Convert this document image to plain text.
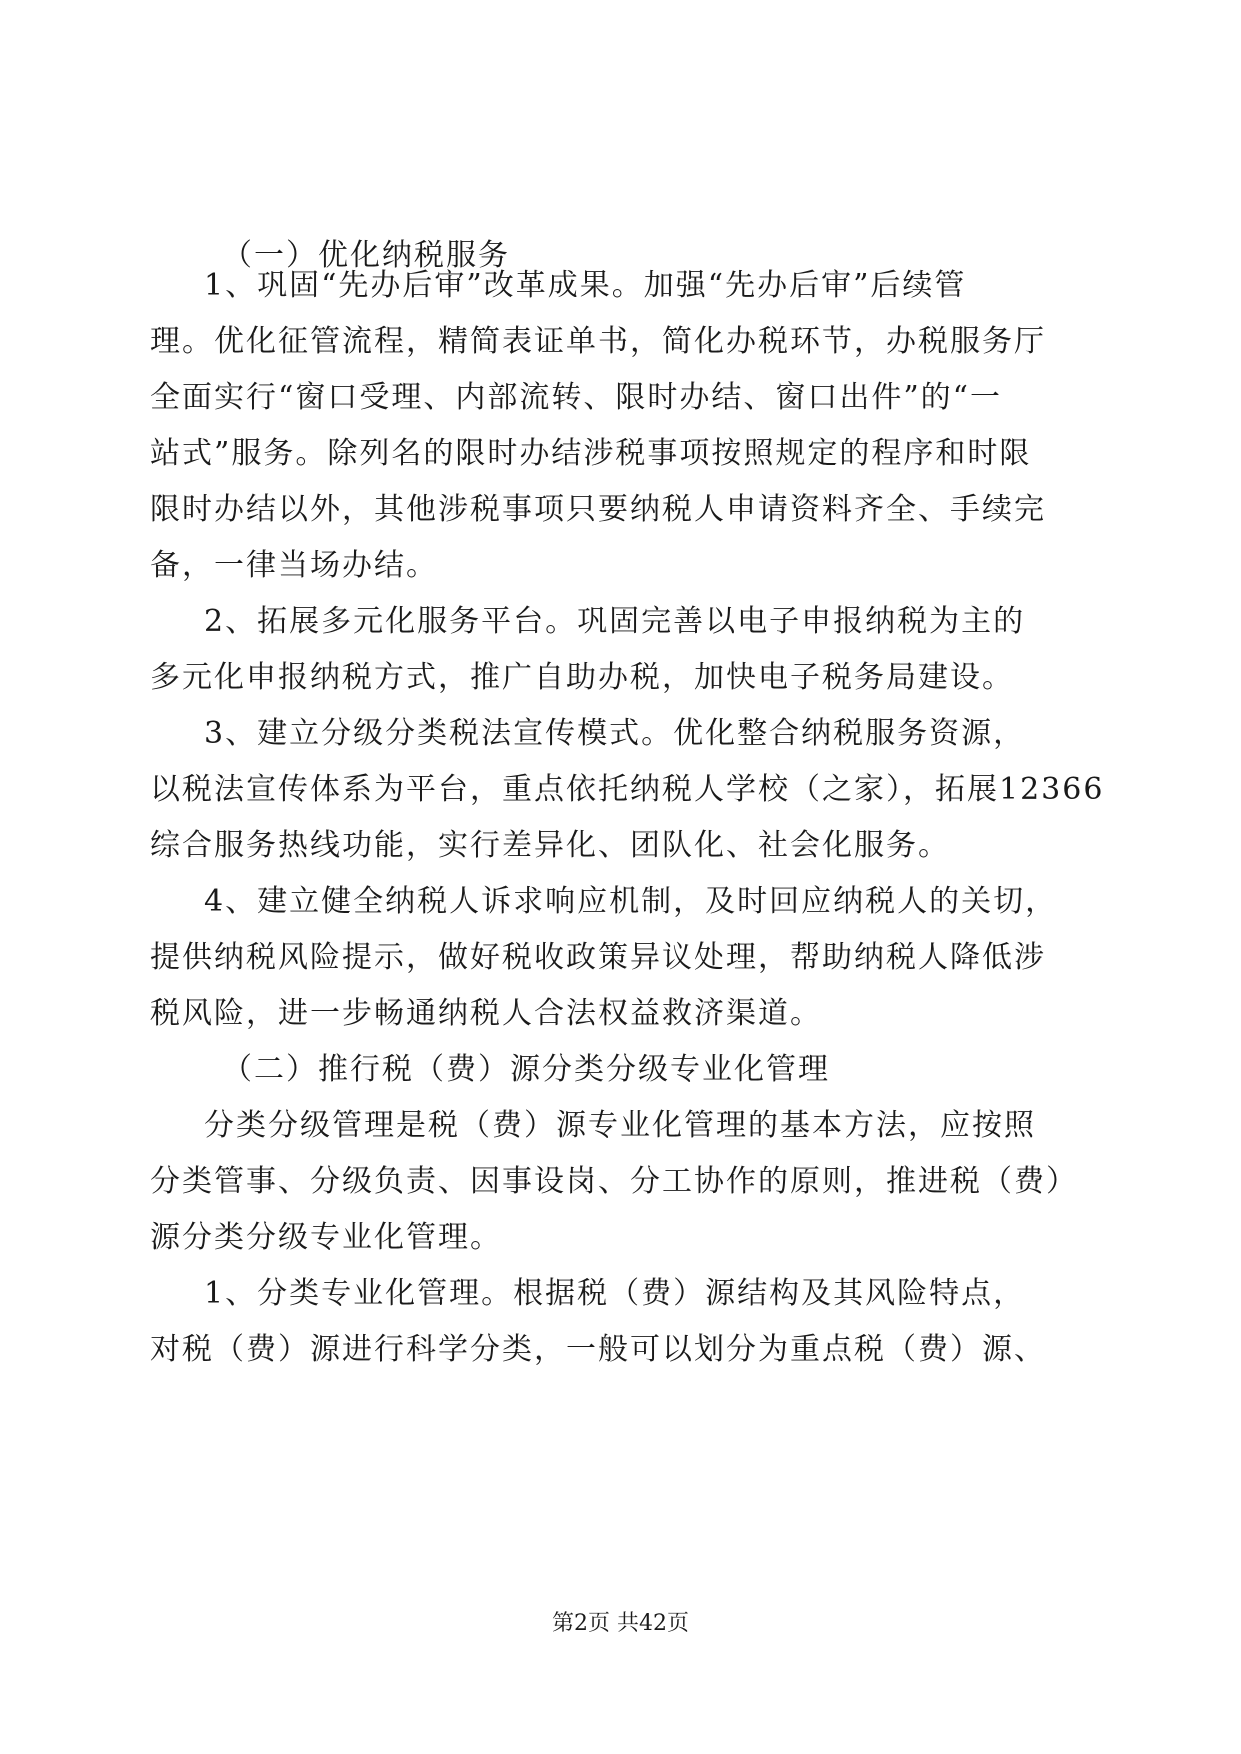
（一）优化纳税服务
1、巩固“先办后审”改革成果。加强“先办后审”后续管
理。优化征管流程，精简表证单书，简化办税环节，办税服务厅
全面实行“窗口受理、内部流转、限时办结、窗口出件”的“一
站式”服务。除列名的限时办结涉税事项按照规定的程序和时限
限时办结以外，其他涉税事项只要纳税人申请资料齐全、手续完
备，一律当场办结。
2、拓展多元化服务平台。巩固完善以电子申报纳税为主的
多元化申报纳税方式，推广自助办税，加快电子税务局建设。
3、建立分级分类税法宣传模式。优化整合纳税服务资源，
以税法宣传体系为平台，重点依托纳税人学校（之家），拓展12366
综合服务热线功能，实行差异化、团队化、社会化服务。
4、建立健全纳税人诉求响应机制，及时回应纳税人的关切，
提供纳税风险提示，做好税收政策异议处理，帮助纳税人降低涉
税风险，进一步畅通纳税人合法权益救济渠道。
（二）推行税（费）源分类分级专业化管理
分类分级管理是税（费）源专业化管理的基本方法，应按照
分类管事、分级负责、因事设岗、分工协作的原则，推进税（费）
源分类分级专业化管理。
1、分类专业化管理。根据税（费）源结构及其风险特点，
对税（费）源进行科学分类，一般可以划分为重点税（费）源、
第2页 共42页
